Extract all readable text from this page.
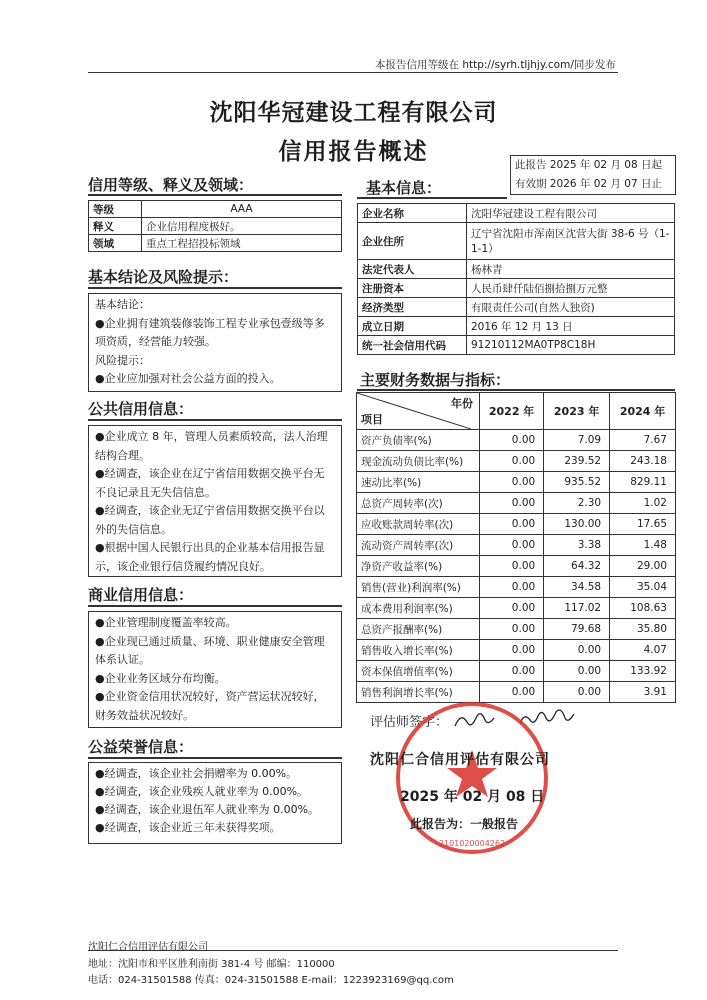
本报告信用等级在 http://syrh.tljhjy.com/同步发布
沈阳华冠建设工程有限公司
信用报告概述	此报告 2025 年 02 月 08 日起
有效期 2026 年 02 月 07 日止
信用等级、释义及领域：
等级	AAA
释义	企业信用程度极好。
领域	重点工程招投标领域
基本信息：
企业名称	沈阳华冠建设工程有限公司
企业住所	辽宁省沈阳市浑南区沈营大街 38-6 号（1-1-1）
法定代表人	杨林青
注册资本	人民币肆仟陆佰捌拾捌万元整
经济类型	有限责任公司(自然人独资)
成立日期	2016 年 12 月 13 日
统一社会信用代码	91210112MA0TP8C18H
基本结论及风险提示：

基本结论：

●企业拥有建筑装修装饰工程专业承包壹级等多项资质，经营能力较强。

风险提示：

●企业应加强对社会公益方面的投入。

公共信用信息：

●企业成立 8 年，管理人员素质较高，法人治理结构合理。

●经调查，该企业在辽宁省信用数据交换平台无不良记录且无失信信息。

●经调查，该企业无辽宁省信用数据交换平台以外的失信信息。

●根据中国人民银行出具的企业基本信用报告显示，该企业银行信贷履约情况良好。

商业信用信息：

●企业管理制度覆盖率较高。

●企业现已通过质量、环境、职业健康安全管理体系认证。

●企业业务区域分布均衡。

●企业资金信用状况较好，资产营运状况较好，财务效益状况较好。

公益荣誉信息：

●经调查，该企业社会捐赠率为 0.00%。

●经调查，该企业残疾人就业率为 0.00%。

●经调查，该企业退伍军人就业率为 0.00%。

●经调查，该企业近三年未获得奖项。

主要财务数据与指标：
年份
项目	2022 年	2023 年	2024 年
资产负债率(%)	0.00	7.09	7.67
现金流动负债比率(%)	0.00	239.52	243.18
速动比率(%)	0.00	935.52	829.11
总资产周转率(次)	0.00	2.30	1.02
应收账款周转率(次)	0.00	130.00	17.65
流动资产周转率(次)	0.00	3.38	1.48
净资产收益率(%)	0.00	64.32	29.00
销售(营业)利润率(%)	0.00	34.58	35.04
成本费用利润率(%)	0.00	117.02	108.63
总资产报酬率(%)	0.00	79.68	35.80
销售收入增长率(%)	0.00	0.00	4.07
资本保值增值率(%)	0.00	0.00	133.92
销售利润增长率(%)	0.00	0.00	3.91
评估师签字：
2101020004262
沈阳仁合信用评估有限公司
2025 年 02 月 08 日
此报告为：一般报告
沈阳仁合信用评估有限公司
地址：沈阳市和平区胜利南街 381-4 号 邮编：110000
电话：024-31501588 传真：024-31501588 E-mail：1223923169@qq.com
